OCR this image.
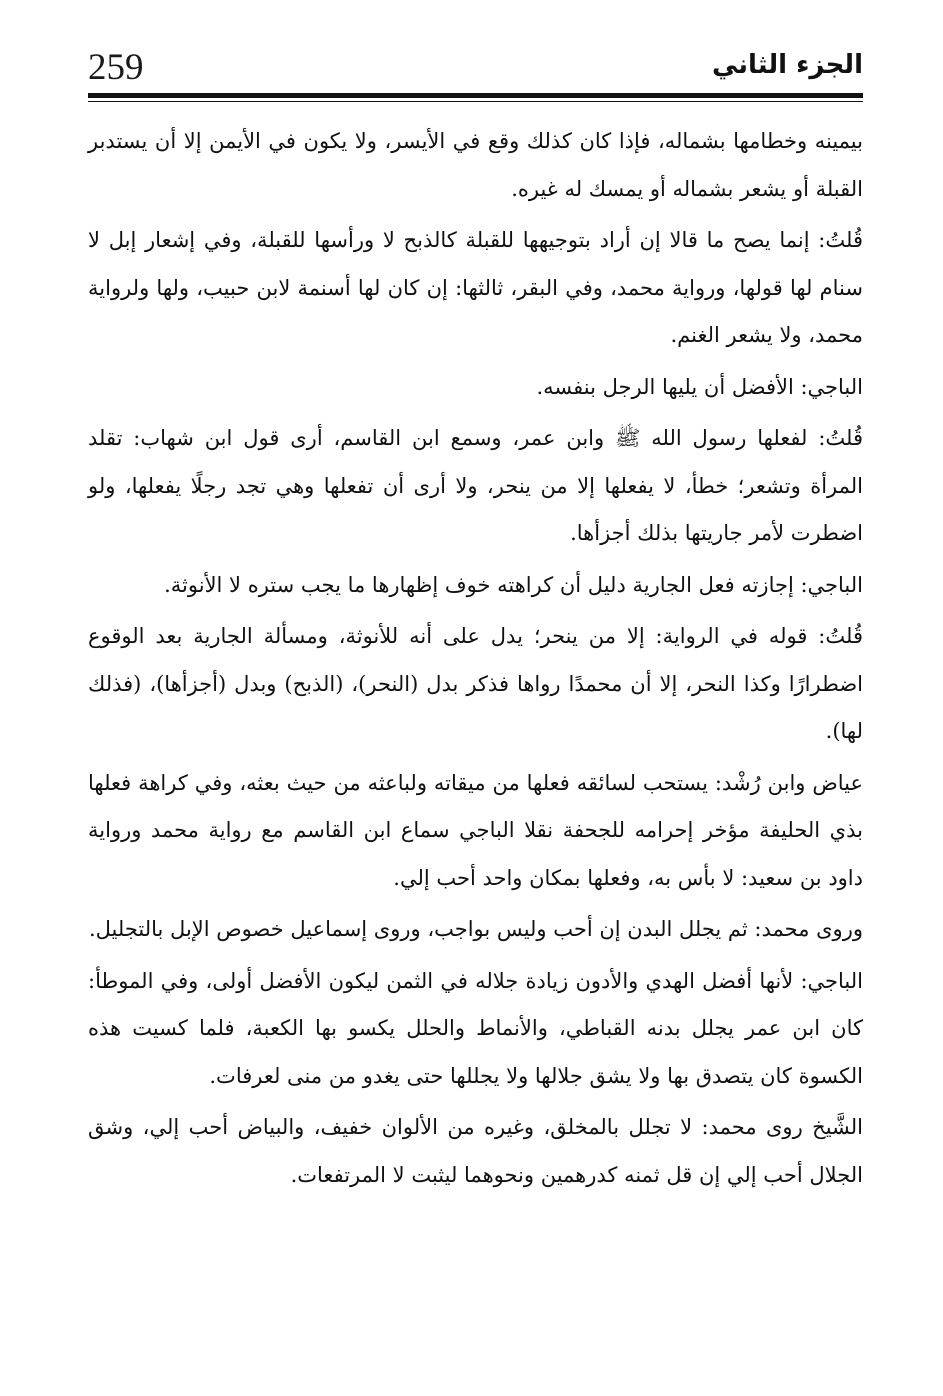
259	الجزء الثاني

بيمينه وخطامها بشماله، فإذا كان كذلك وقع في الأيسر، ولا يكون في الأيمن إلا أن يستدبر القبلة أو يشعر بشماله أو يمسك له غيره.

قُلتُ: إنما يصح ما قالا إن أراد بتوجيهها للقبلة كالذبح لا ورأسها للقبلة، وفي إشعار إبل لا سنام لها قولها، ورواية محمد، وفي البقر، ثالثها: إن كان لها أسنمة لابن حبيب، ولها ولرواية محمد، ولا يشعر الغنم.

الباجي: الأفضل أن يليها الرجل بنفسه.

قُلتُ: لفعلها رسول الله ﷺ وابن عمر، وسمع ابن القاسم، أرى قول ابن شهاب: تقلد المرأة وتشعر؛ خطأ، لا يفعلها إلا من ينحر، ولا أرى أن تفعلها وهي تجد رجلًا يفعلها، ولو اضطرت لأمر جاريتها بذلك أجزأها.

الباجي: إجازته فعل الجارية دليل أن كراهته خوف إظهارها ما يجب ستره لا الأنوثة.

قُلتُ: قوله في الرواية: إلا من ينحر؛ يدل على أنه للأنوثة، ومسألة الجارية بعد الوقوع اضطرارًا وكذا النحر، إلا أن محمدًا رواها فذكر بدل (النحر)، (الذبح) وبدل (أجزأها)، (فذلك لها).

عياض وابن رُشْد: يستحب لسائقه فعلها من ميقاته ولباعثه من حيث بعثه، وفي كراهة فعلها بذي الحليفة مؤخر إحرامه للجحفة نقلا الباجي سماع ابن القاسم مع رواية محمد ورواية داود بن سعيد: لا بأس به، وفعلها بمكان واحد أحب إلي.

وروى محمد: ثم يجلل البدن إن أحب وليس بواجب، وروى إسماعيل خصوص الإبل بالتجليل.

الباجي: لأنها أفضل الهدي والأدون زيادة جلاله في الثمن ليكون الأفضل أولى، وفي الموطأ: كان ابن عمر يجلل بدنه القباطي، والأنماط والحلل يكسو بها الكعبة، فلما كسيت هذه الكسوة كان يتصدق بها ولا يشق جلالها ولا يجللها حتى يغدو من منى لعرفات.

الشَّيخ روى محمد: لا تجلل بالمخلق، وغيره من الألوان خفيف، والبياض أحب إلي، وشق الجلال أحب إلي إن قل ثمنه كدرهمين ونحوهما ليثبت لا المرتفعات.
